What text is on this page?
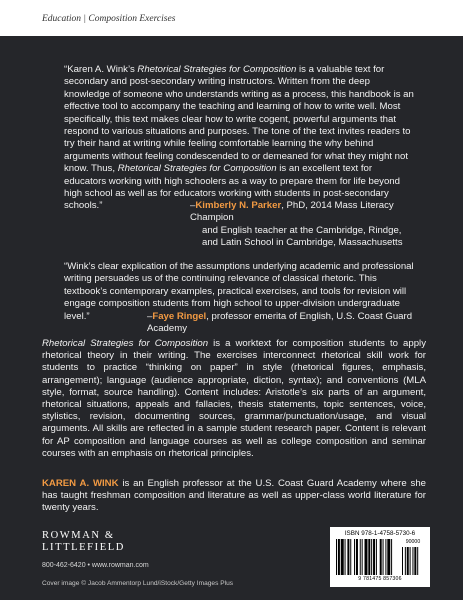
Education | Composition Exercises
“Karen A. Wink’s Rhetorical Strategies for Composition is a valuable text for secondary and post-secondary writing instructors. Written from the deep knowledge of someone who understands writing as a process, this handbook is an effective tool to accompany the teaching and learning of how to write well. Most specifically, this text makes clear how to write cogent, powerful arguments that respond to various situations and purposes. The tone of the text invites readers to try their hand at writing while feeling comfortable learning the why behind arguments without feeling condescended to or demeaned for what they might not know. Thus, Rhetorical Strategies for Composition is an excellent text for educators working with high schoolers as a way to prepare them for life beyond high school as well as for educators working with students in post-secondary schools.”	–Kimberly N. Parker, PhD, 2014 Mass Literacy Champion
and English teacher at the Cambridge, Rindge,
and Latin School in Cambridge, Massachusetts
“Wink’s clear explication of the assumptions underlying academic and professional writing persuades us of the continuing relevance of classical rhetoric. This textbook’s contemporary examples, practical exercises, and tools for revision will engage composition students from high school to upper-division undergraduate level.”	–Faye Ringel, professor emerita of English, U.S. Coast Guard Academy
Rhetorical Strategies for Composition is a worktext for composition students to apply rhetorical theory in their writing. The exercises interconnect rhetorical skill work for students to practice “thinking on paper” in style (rhetorical figures, emphasis, arrangement); language (audience appropriate, diction, syntax); and conventions (MLA style, format, source handling). Content includes: Aristotle’s six parts of an argument, rhetorical situations, appeals and fallacies, thesis statements, topic sentences, voice, stylistics, revision, documenting sources, grammar/punctuation/usage, and visual arguments. All skills are reflected in a sample student research paper. Content is relevant for AP composition and language courses as well as college composition and seminar courses with an emphasis on rhetorical principles.
KAREN A. WINK is an English professor at the U.S. Coast Guard Academy where she has taught freshman composition and literature as well as upper-class world literature for twenty years.
ROWMAN &
LITTLEFIELD
800-462-6420 • www.rowman.com
Cover image © Jacob Ammentorp Lund/iStock/Getty Images Plus
ISBN 978-1-4758-5730-6
90000
9 781475 857306
